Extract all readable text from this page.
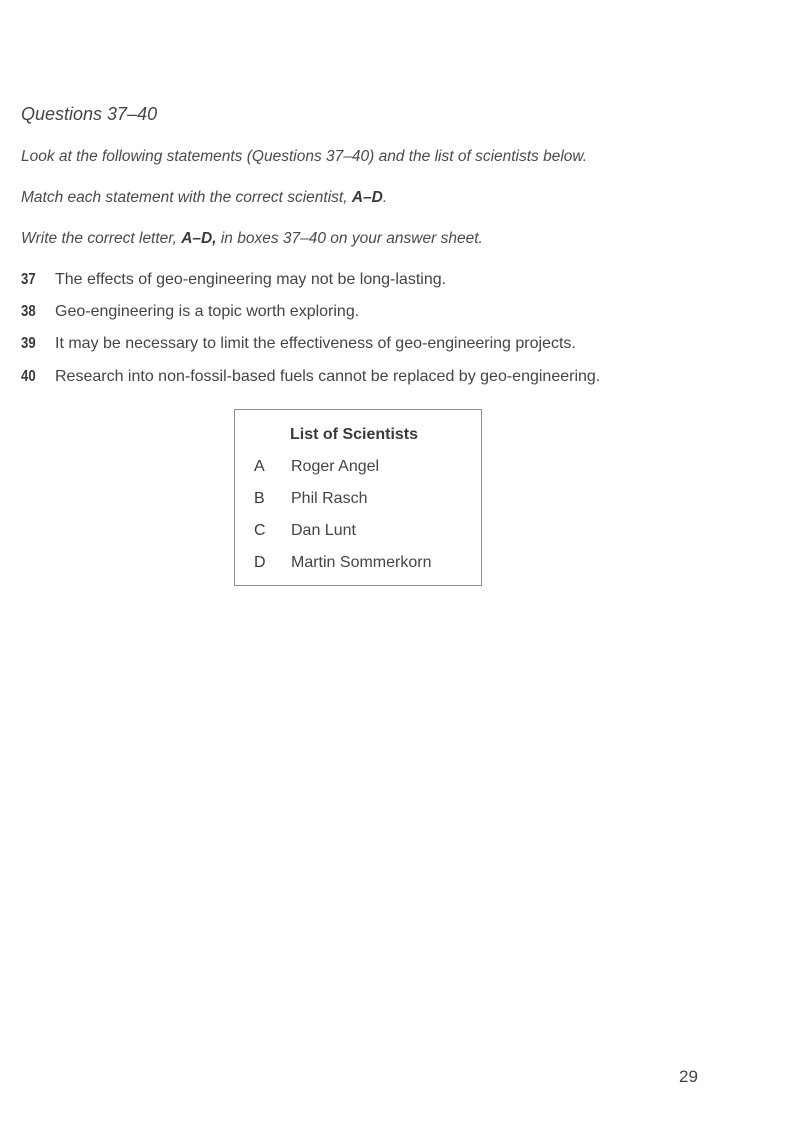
Questions 37–40

Look at the following statements (Questions 37–40) and the list of scientists below.

Match each statement with the correct scientist, A–D.

Write the correct letter, A–D, in boxes 37–40 on your answer sheet.

37	The effects of geo-engineering may not be long-lasting.
38	Geo-engineering is a topic worth exploring.
39	It may be necessary to limit the effectiveness of geo-engineering projects.
40	Research into non-fossil-based fuels cannot be replaced by geo-engineering.
List of Scientists
A	Roger Angel
B	Phil Rasch
C	Dan Lunt
D	Martin Sommerkorn
29
